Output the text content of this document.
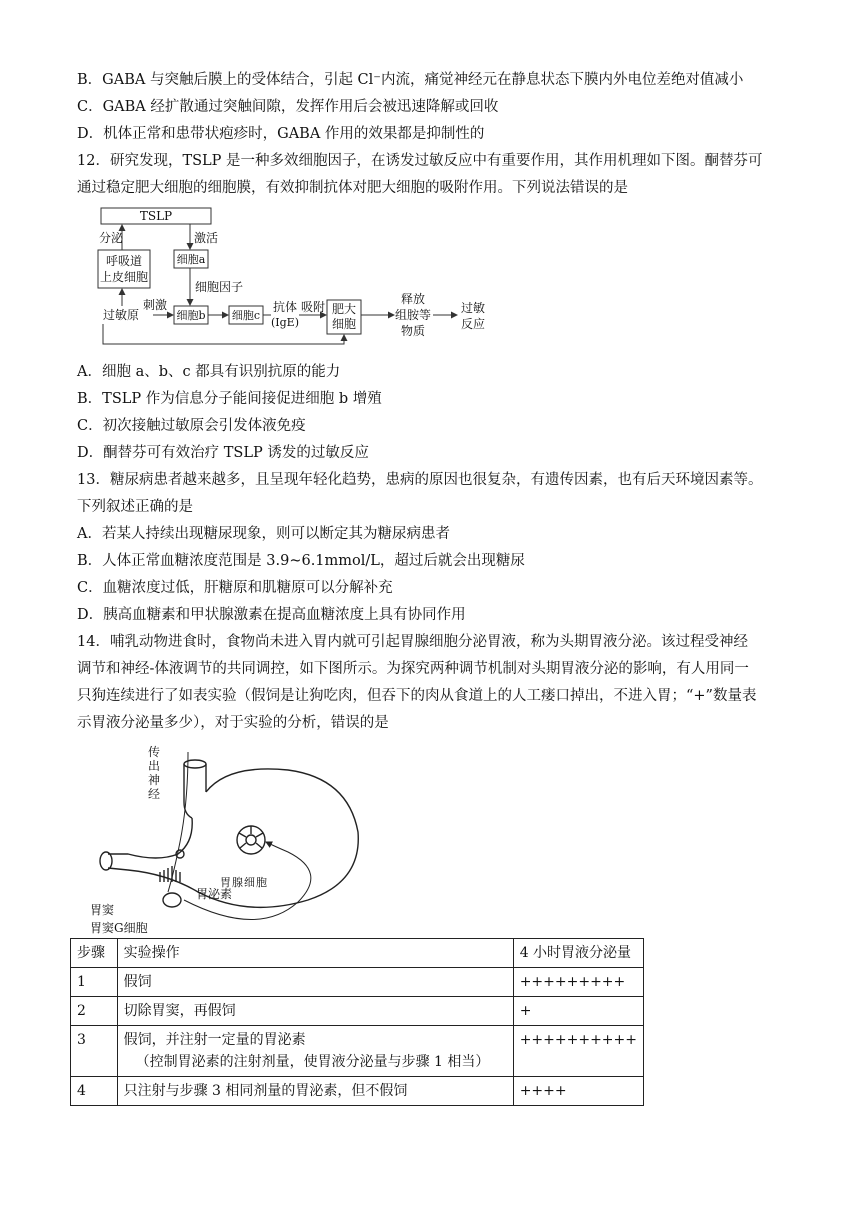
B．GABA 与突触后膜上的受体结合，引起 Cl⁻内流，痛觉神经元在静息状态下膜内外电位差绝对值减小
C．GABA 经扩散通过突触间隙，发挥作用后会被迅速降解或回收
D．机体正常和患带状疱疹时，GABA 作用的效果都是抑制性的
12．研究发现，TSLP 是一种多效细胞因子，在诱发过敏反应中有重要作用，其作用机理如下图。酮替芬可
通过稳定肥大细胞的细胞膜，有效抑制抗体对肥大细胞的吸附作用。下列说法错误的是
TSLP
分泌	激活
呼吸道
上皮细胞
细胞a
细胞因子
过敏原
刺激
细胞b 细胞c
抗体
(IgE)
吸附 肥大
细胞
释放
组胺等
物质
过敏
反应
A．细胞 a、b、c 都具有识别抗原的能力
B．TSLP 作为信息分子能间接促进细胞 b 增殖
C．初次接触过敏原会引发体液免疫
D．酮替芬可有效治疗 TSLP 诱发的过敏反应
13．糖尿病患者越来越多，且呈现年轻化趋势，患病的原因也很复杂，有遗传因素，也有后天环境因素等。
下列叙述正确的是
A．若某人持续出现糖尿现象，则可以断定其为糖尿病患者
B．人体正常血糖浓度范围是 3.9~6.1mmol/L，超过后就会出现糖尿
C．血糖浓度过低，肝糖原和肌糖原可以分解补充
D．胰高血糖素和甲状腺激素在提高血糖浓度上具有协同作用
14．哺乳动物进食时，食物尚未进入胃内就可引起胃腺细胞分泌胃液，称为头期胃液分泌。该过程受神经
调节和神经-体液调节的共同调控，如下图所示。为探究两种调节机制对头期胃液分泌的影响，有人用同一
只狗连续进行了如表实验（假饲是让狗吃肉，但吞下的肉从食道上的人工瘘口掉出，不进入胃；“+”数量表
示胃液分泌量多少），对于实验的分析，错误的是
传
出
神
经
胃 腺 细 胞
胃泌素
胃窦
胃窦G细胞
步骤	实验操作	4 小时胃液分泌量
1	假饲	+++++++++
2	切除胃窦，再假饲	+
3	假饲，并注射一定量的胃泌素
（控制胃泌素的注射剂量，使胃液分泌量与步骤 1 相当）	++++++++++
4	只注射与步骤 3 相同剂量的胃泌素，但不假饲	++++
